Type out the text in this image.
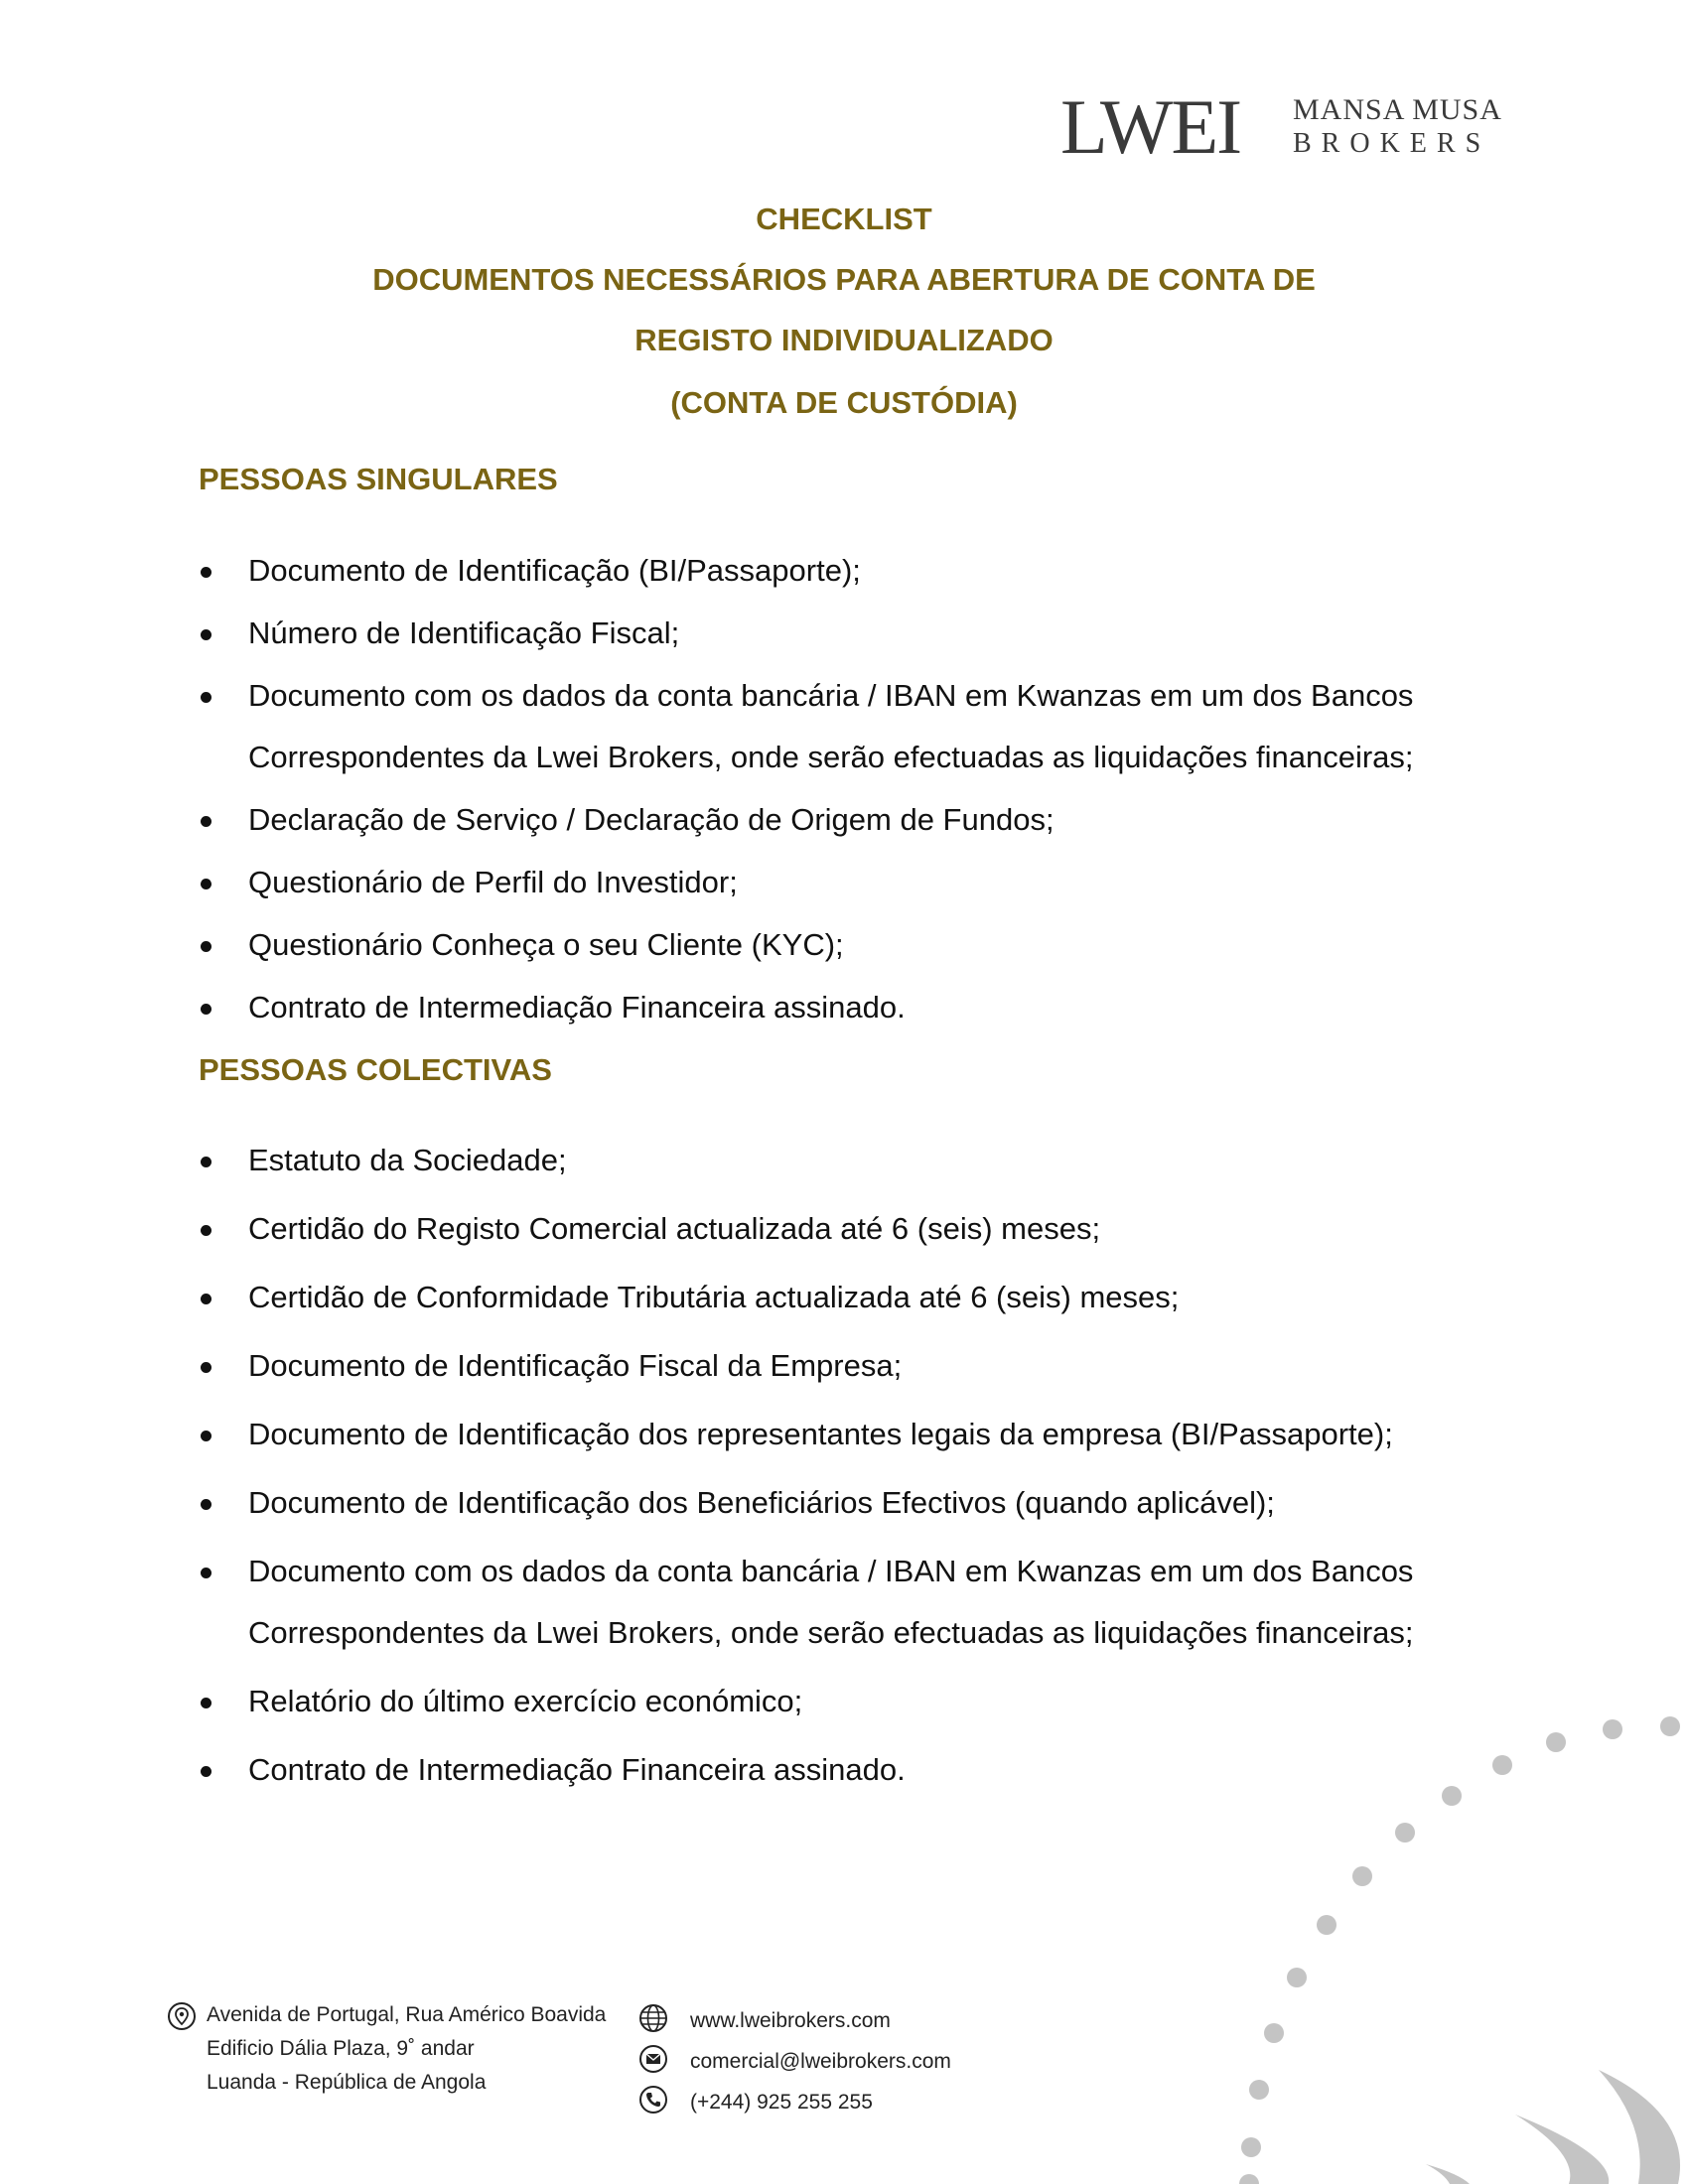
LWEI MANSA MUSA
BROKERS
CHECKLIST
DOCUMENTOS NECESSÁRIOS PARA ABERTURA DE CONTA DE
REGISTO INDIVIDUALIZADO
(CONTA DE CUSTÓDIA)
PESSOAS SINGULARES
Documento de Identificação (BI/Passaporte);
Número de Identificação Fiscal;
Documento com os dados da conta bancária / IBAN em Kwanzas em um dos Bancos Correspondentes da Lwei Brokers, onde serão efectuadas as liquidações financeiras;
Declaração de Serviço / Declaração de Origem de Fundos;
Questionário de Perfil do Investidor;
Questionário Conheça o seu Cliente (KYC);
Contrato de Intermediação Financeira assinado.
PESSOAS COLECTIVAS
Estatuto da Sociedade;
Certidão do Registo Comercial actualizada até 6 (seis) meses;
Certidão de Conformidade Tributária actualizada até 6 (seis) meses;
Documento de Identificação Fiscal da Empresa;
Documento de Identificação dos representantes legais da empresa (BI/Passaporte);
Documento de Identificação dos Beneficiários Efectivos (quando aplicável);
Documento com os dados da conta bancária / IBAN em Kwanzas em um dos Bancos Correspondentes da Lwei Brokers, onde serão efectuadas as liquidações financeiras;
Relatório do último exercício económico;
Contrato de Intermediação Financeira assinado.
Avenida de Portugal, Rua Américo Boavida
Edificio Dália Plaza, 9˚ andar
Luanda - República de Angola
www.lweibrokers.com
comercial@lweibrokers.com
(+244) 925 255 255
